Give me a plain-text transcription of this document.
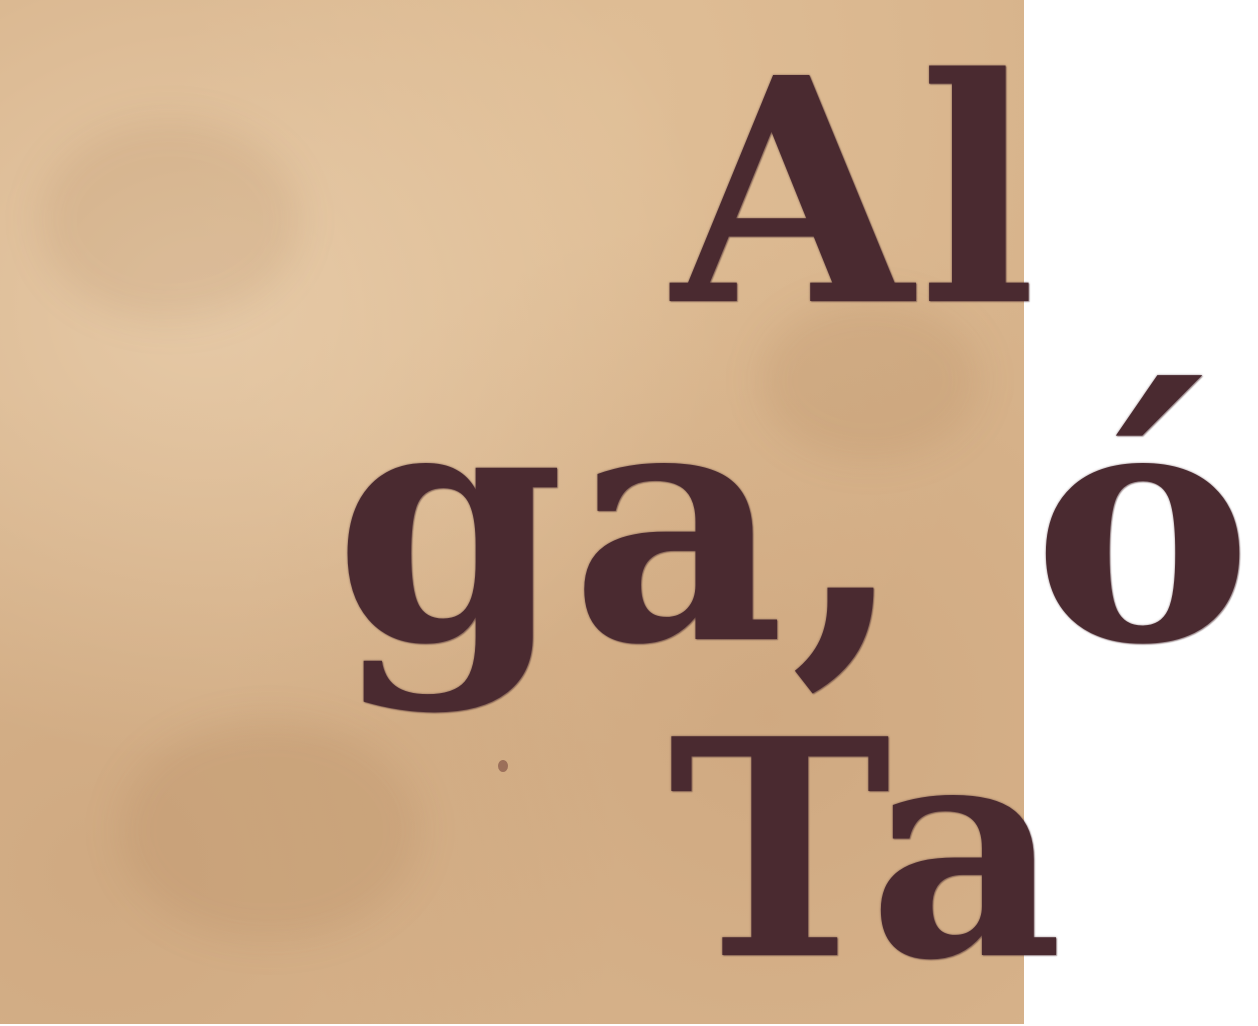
Al
ga, ó
Ta
